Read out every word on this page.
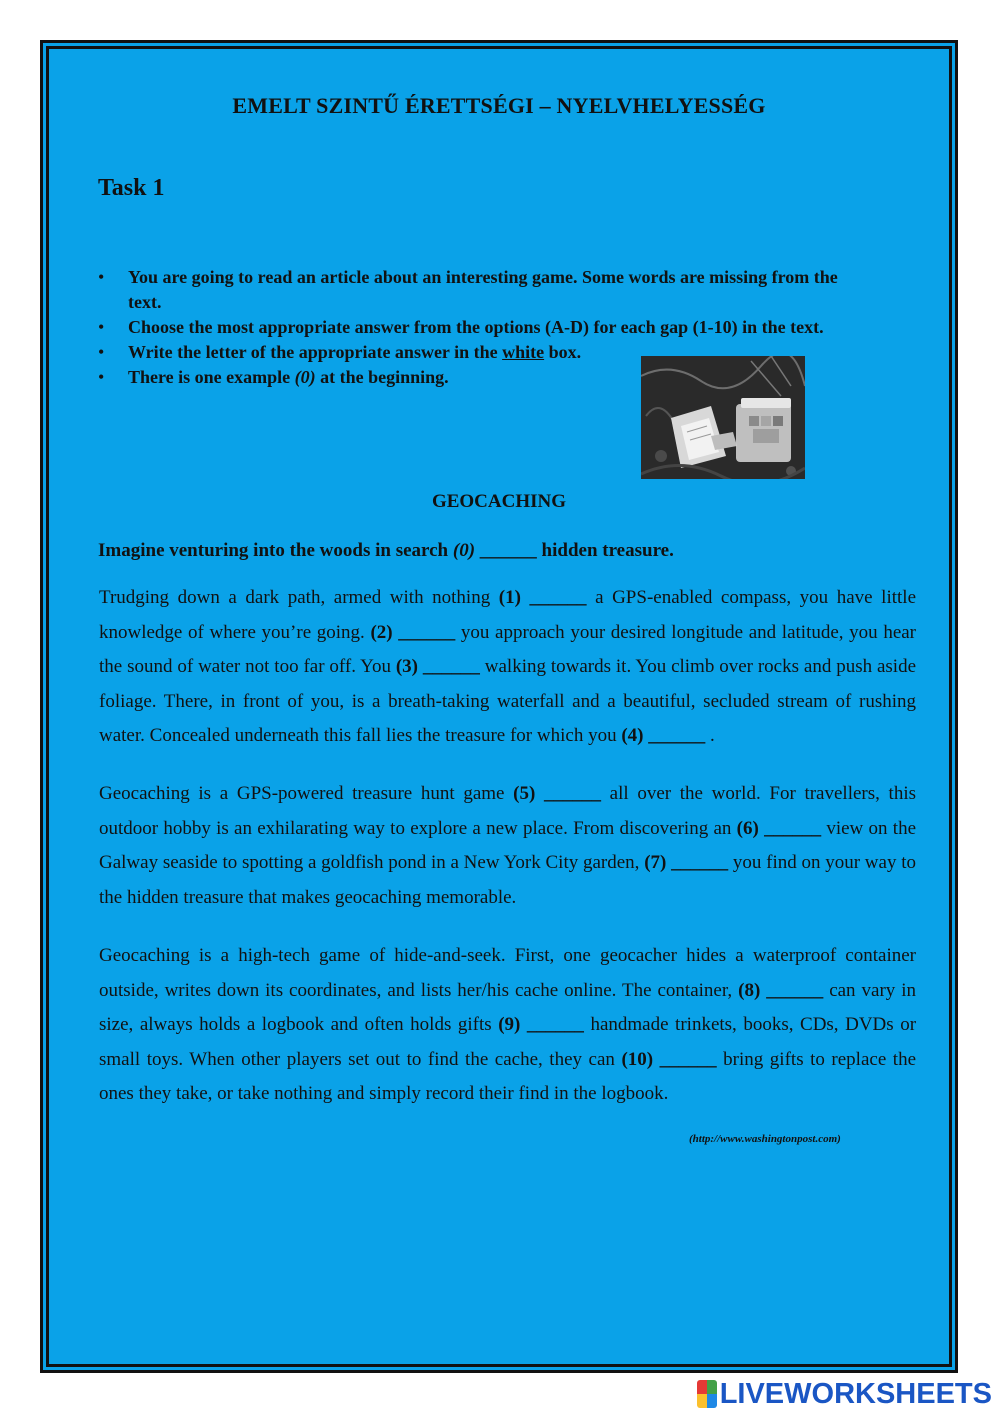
EMELT SZINTŰ ÉRETTSÉGI – NYELVHELYESSÉG
Task 1
• You are going to read an article about an interesting game. Some words are missing from the text.
• Choose the most appropriate answer from the options (A-D) for each gap (1-10) in the text.
• Write the letter of the appropriate answer in the white box.
• There is one example (0) at the beginning.
GEOCACHING
Imagine venturing into the woods in search (0) ______ hidden treasure.

Trudging down a dark path, armed with nothing (1) ______ a GPS-enabled compass, you have little knowledge of where you’re going. (2) ______ you approach your desired longitude and latitude, you hear the sound of water not too far off. You (3) ______ walking towards it. You climb over rocks and push aside foliage. There, in front of you, is a breath-taking waterfall and a beautiful, secluded stream of rushing water. Concealed underneath this fall lies the treasure for which you (4) ______ .

Geocaching is a GPS-powered treasure hunt game (5) ______ all over the world. For travellers, this outdoor hobby is an exhilarating way to explore a new place. From discovering an (6) ______ view on the Galway seaside to spotting a goldfish pond in a New York City garden, (7) ______ you find on your way to the hidden treasure that makes geocaching memorable.

Geocaching is a high-tech game of hide-and-seek. First, one geocacher hides a waterproof container outside, writes down its coordinates, and lists her/his cache online. The container, (8) ______ can vary in size, always holds a logbook and often holds gifts (9) ______ handmade trinkets, books, CDs, DVDs or small toys. When other players set out to find the cache, they can (10) ______ bring gifts to replace the ones they take, or take nothing and simply record their find in the logbook.

(http://www.washingtonpost.com)
LIVEWORKSHEETS
